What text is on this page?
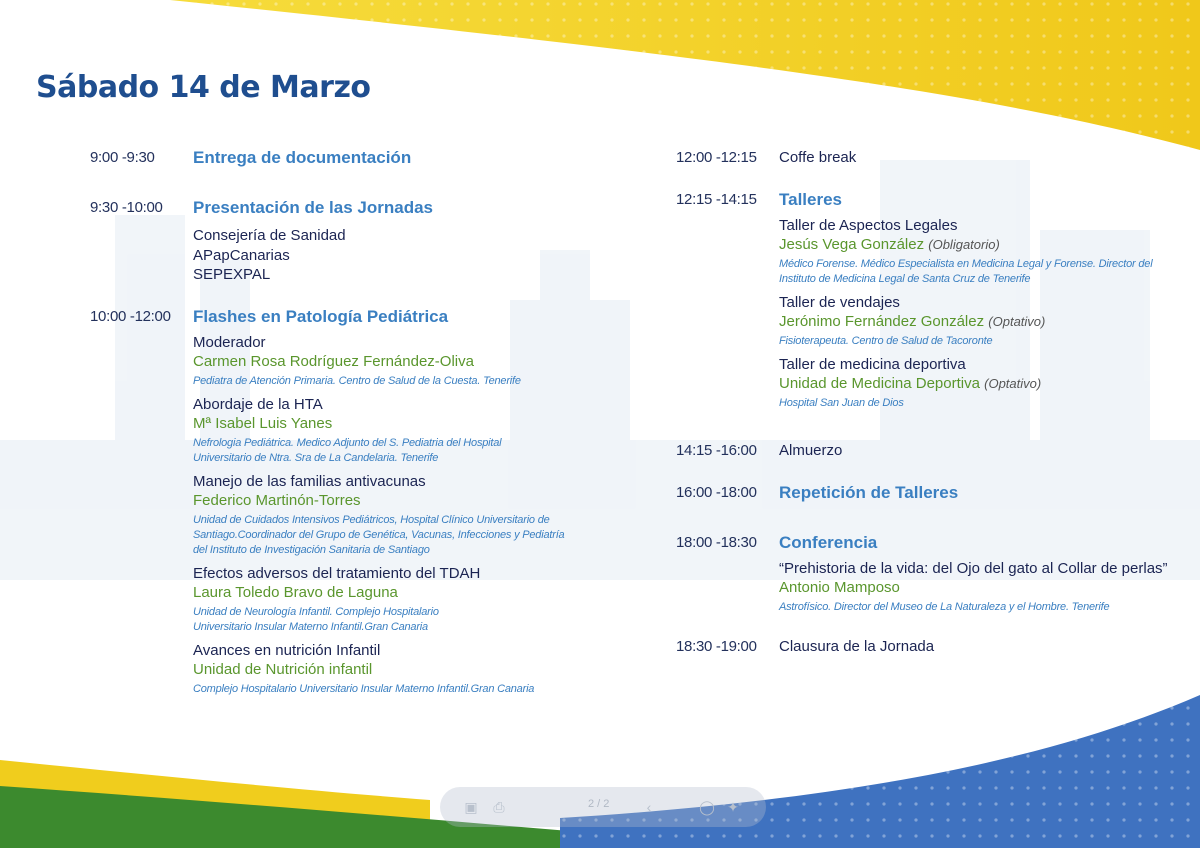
Sábado 14 de Marzo
9:00 -9:30 Entrega de documentación
9:30 -10:00 Presentación de las Jornadas
Consejería de Sanidad
APapCanarias
SEPEXPAL
10:00 -12:00 Flashes en Patología Pediátrica
Moderador
Carmen Rosa Rodríguez Fernández-Oliva
Pediatra de Atención Primaria. Centro de Salud de la Cuesta. Tenerife
Abordaje de la HTA
Mª Isabel Luis Yanes
Nefrologia Pediátrica. Medico Adjunto del S. Pediatria del Hospital Universitario de Ntra. Sra de La Candelaria. Tenerife
Manejo de las familias antivacunas
Federico Martinón-Torres
Unidad de Cuidados Intensivos Pediátricos, Hospital Clínico Universitario de Santiago.Coordinador del Grupo de Genética, Vacunas, Infecciones y Pediatría del Instituto de Investigación Sanitaria de Santiago
Efectos adversos del tratamiento del TDAH
Laura Toledo Bravo de Laguna
Unidad de Neurología Infantil. Complejo Hospitalario Universitario Insular Materno Infantil.Gran Canaria
Avances en nutrición Infantil
Unidad de Nutrición infantil
Complejo Hospitalario Universitario Insular Materno Infantil.Gran Canaria
12:00 -12:15 Coffe break
12:15 -14:15 Talleres
Taller de Aspectos Legales
Jesús Vega González (Obligatorio)
Médico Forense. Médico Especialista en Medicina Legal y Forense. Director del Instituto de Medicina Legal de Santa Cruz de Tenerife
Taller de vendajes
Jerónimo Fernández González (Optativo)
Fisioterapeuta. Centro de Salud de Tacoronte
Taller de medicina deportiva
Unidad de Medicina Deportiva (Optativo)
Hospital San Juan de Dios
14:15 -16:00 Almuerzo
16:00 -18:00 Repetición de Talleres
18:00 -18:30 Conferencia
“Prehistoria de la vida: del Ojo del gato al Collar de perlas”
Antonio Mamposo
Astrofísico. Director del Museo de La Naturaleza y el Hombre. Tenerife
18:30 -19:00 Clausura de la Jornada
▣ ⎙	‹	◯ ✦
2 / 2
